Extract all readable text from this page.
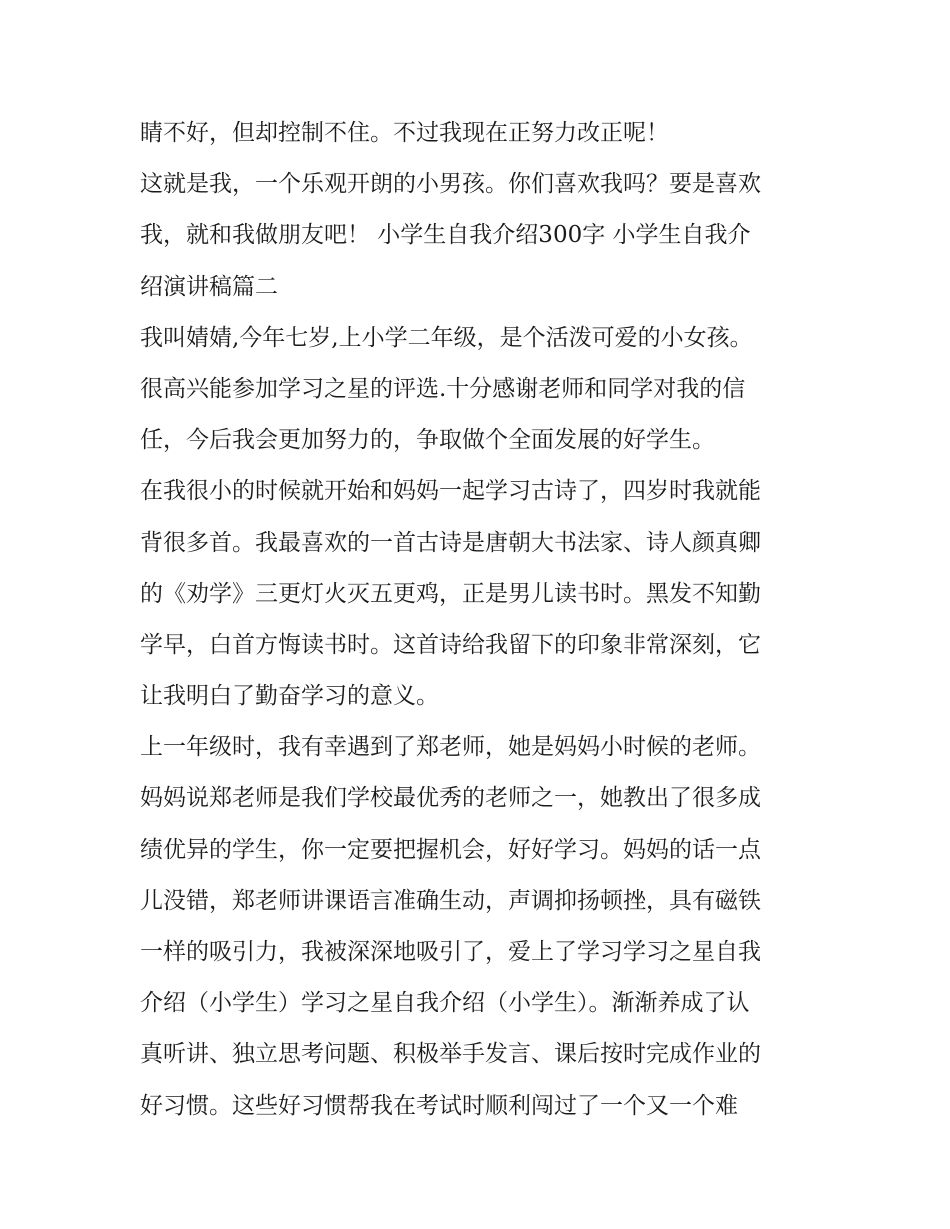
睛不好，但却控制不住。不过我现在正努力改正呢！
这就是我，一个乐观开朗的小男孩。你们喜欢我吗？要是喜欢
我，就和我做朋友吧！ 小学生自我介绍300字 小学生自我介
绍演讲稿篇二
我叫婧婧,今年七岁,上小学二年级，是个活泼可爱的小女孩。
很高兴能参加学习之星的评选.十分感谢老师和同学对我的信
任，今后我会更加努力的，争取做个全面发展的好学生。
在我很小的时候就开始和妈妈一起学习古诗了，四岁时我就能
背很多首。我最喜欢的一首古诗是唐朝大书法家、诗人颜真卿
的《劝学》三更灯火灭五更鸡，正是男儿读书时。黑发不知勤
学早，白首方悔读书时。这首诗给我留下的印象非常深刻，它
让我明白了勤奋学习的意义。
上一年级时，我有幸遇到了郑老师，她是妈妈小时候的老师。
妈妈说郑老师是我们学校最优秀的老师之一，她教出了很多成
绩优异的学生，你一定要把握机会，好好学习。妈妈的话一点
儿没错，郑老师讲课语言准确生动，声调抑扬顿挫，具有磁铁
一样的吸引力，我被深深地吸引了，爱上了学习学习之星自我
介绍（小学生）学习之星自我介绍（小学生）。渐渐养成了认
真听讲、独立思考问题、积极举手发言、课后按时完成作业的
好习惯。这些好习惯帮我在考试时顺利闯过了一个又一个难
